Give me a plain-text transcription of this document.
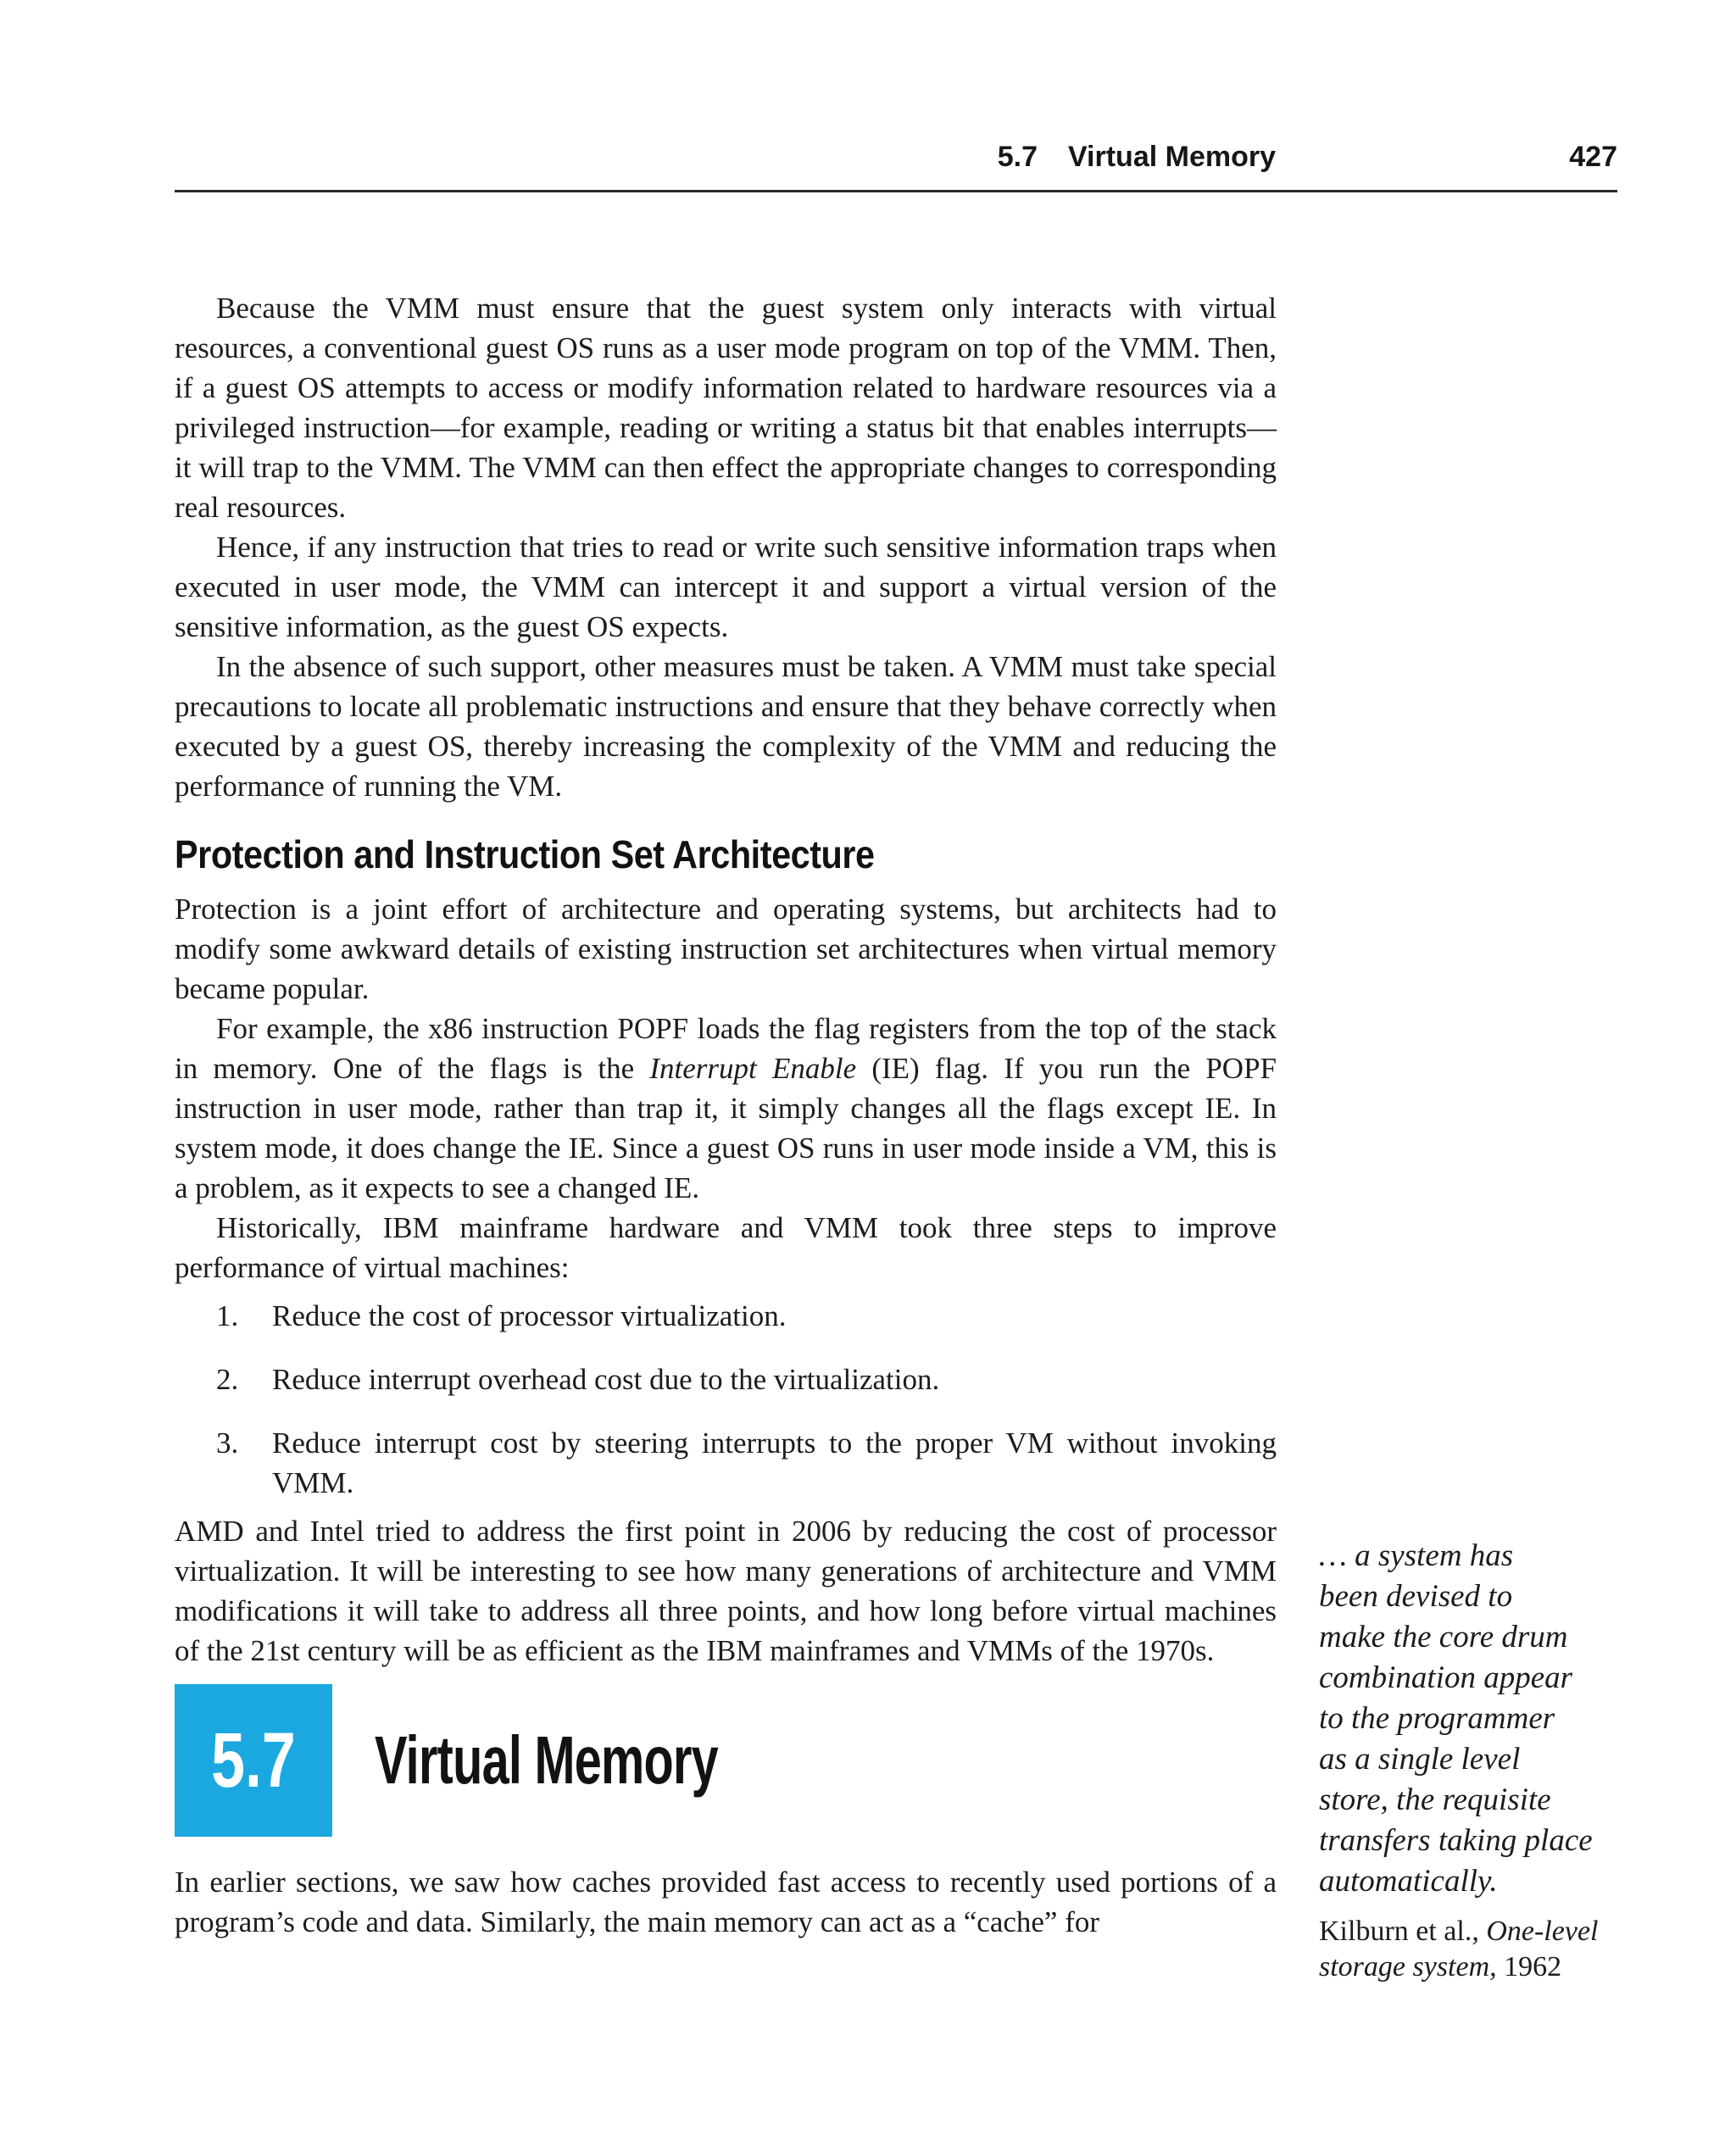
5.7 Virtual Memory	427

Because the VMM must ensure that the guest system only interacts with virtual resources, a conventional guest OS runs as a user mode program on top of the VMM. Then, if a guest OS attempts to access or modify information related to hardware resources via a privileged instruction—for example, reading or writing a status bit that enables interrupts—it will trap to the VMM. The VMM can then effect the appropriate changes to corresponding real resources.

Hence, if any instruction that tries to read or write such sensitive information traps when executed in user mode, the VMM can intercept it and support a virtual version of the sensitive information, as the guest OS expects.

In the absence of such support, other measures must be taken. A VMM must take special precautions to locate all problematic instructions and ensure that they behave correctly when executed by a guest OS, thereby increasing the complexity of the VMM and reducing the performance of running the VM.

Protection and Instruction Set Architecture

Protection is a joint effort of architecture and operating systems, but architects had to modify some awkward details of existing instruction set architectures when virtual memory became popular.

For example, the x86 instruction POPF loads the flag registers from the top of the stack in memory. One of the flags is the Interrupt Enable (IE) flag. If you run the POPF instruction in user mode, rather than trap it, it simply changes all the flags except IE. In system mode, it does change the IE. Since a guest OS runs in user mode inside a VM, this is a problem, as it expects to see a changed IE.

Historically, IBM mainframe hardware and VMM took three steps to improve performance of virtual machines:

1.	Reduce the cost of processor virtualization.
2.	Reduce interrupt overhead cost due to the virtualization.
3.	Reduce interrupt cost by steering interrupts to the proper VM without invoking VMM.

AMD and Intel tried to address the first point in 2006 by reducing the cost of processor virtualization. It will be interesting to see how many generations of architecture and VMM modifications it will take to address all three points, and how long before virtual machines of the 21st century will be as efficient as the IBM mainframes and VMMs of the 1970s.

5.7 Virtual Memory

In earlier sections, we saw how caches provided fast access to recently used portions of a program’s code and data. Similarly, the main memory can act as a “cache” for

… a system has
been devised to
make the core drum
combination appear
to the programmer
as a single level
store, the requisite
transfers taking place
automatically.
Kilburn et al., One-level
storage system, 1962
